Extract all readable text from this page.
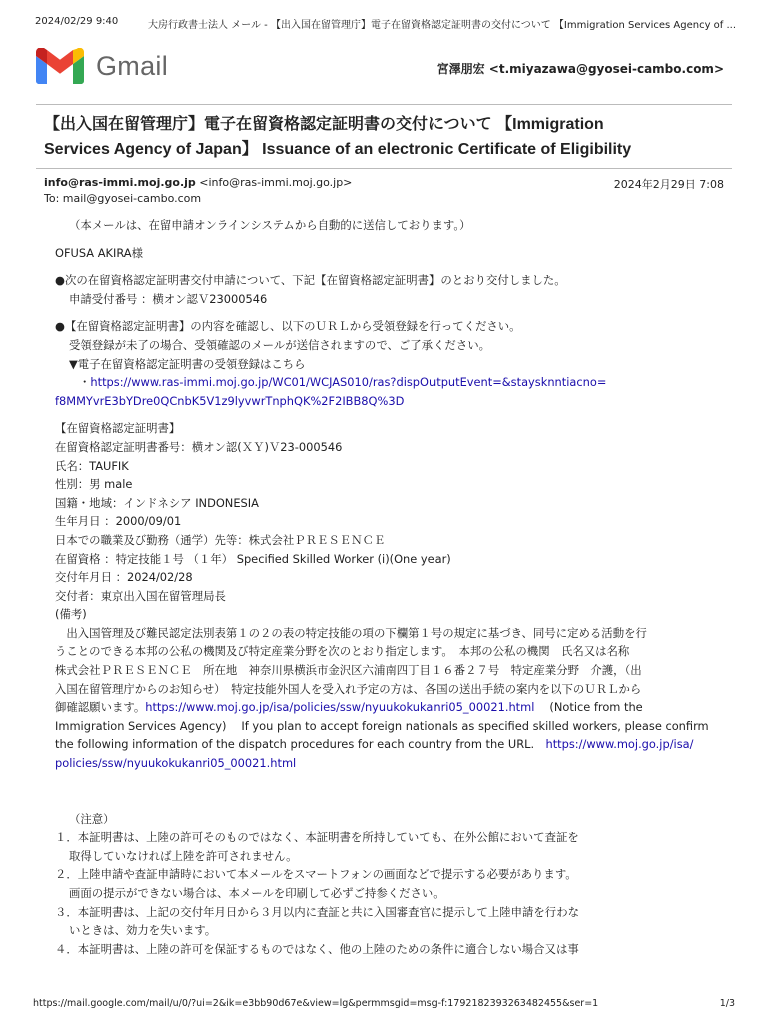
2024/02/29 9:40	大房行政書士法人 メール - 【出入国在留管理庁】電子在留資格認定証明書の交付について 【Immigration Services Agency of ...
Gmail	宮澤朋宏 <t.miyazawa@gyosei-cambo.com>
【出入国在留管理庁】電子在留資格認定証明書の交付について 【Immigration
Services Agency of Japan】 Issuance of an electronic Certificate of Eligibility
info@ras-immi.moj.go.jp <info@ras-immi.moj.go.jp>	2024年2月29日 7:08
To: mail@gyosei-cambo.com

（本メールは、在留申請オンラインシステムから自動的に送信しております。）

OFUSA AKIRA様

●次の在留資格認定証明書交付申請について、下記【在留資格認定証明書】のとおり交付しました。

申請受付番号 ：横オン認Ｖ23000546

●【在留資格認定証明書】の内容を確認し、以下のＵＲＬから受領登録を行ってください。

受領登録が未了の場合、受領確認のメールが送信されますので、ご了承ください。

▼電子在留資格認定証明書の受領登録はこちら

・https://www.ras-immi.moj.go.jp/WC01/WCJAS010/ras?dispOutputEvent=&staysknntiacno=

f8MMYvrE3bYDre0QCnbK5V1z9lyvwrTnphQK%2F2IBB8Q%3D

【在留資格認定証明書】

在留資格認定証明書番号：横オン認(ＸＹ)Ｖ23-000546

氏名：TAUFIK

性別：男 male

国籍・地域：インドネシア INDONESIA

生年月日 ：2000/09/01

日本での職業及び勤務（通学）先等：株式会社ＰＲＥＳＥＮＣＥ

在留資格 ：特定技能１号 （１年） Specified Skilled Worker (i)(One year)

交付年月日 ：2024/02/28

交付者：東京出入国在留管理局長

(備考)

　出入国管理及び難民認定法別表第１の２の表の特定技能の項の下欄第１号の規定に基づき、同号に定める活動を行

うことのできる本邦の公私の機関及び特定産業分野を次のとおり指定します。　本邦の公私の機関　氏名又は名称

株式会社ＰＲＥＳＥＮＣＥ　所在地　神奈川県横浜市金沢区六浦南四丁目１６番２７号　特定産業分野　介護，（出

入国在留管理庁からのお知らせ）　特定技能外国人を受入れ予定の方は、各国の送出手続の案内を以下のＵＲＬから

御確認願います。https://www.moj.go.jp/isa/policies/ssw/nyuukokukanri05_00021.html　 (Notice from the

Immigration Services Agency)　 If you plan to accept foreign nationals as specified skilled workers, please confirm

the following information of the dispatch procedures for each country from the URL.　https://www.moj.go.jp/isa/

policies/ssw/nyuukokukanri05_00021.html

（注意）

１．本証明書は、上陸の許可そのものではなく、本証明書を所持していても、在外公館において査証を

取得していなければ上陸を許可されません。

２．上陸申請や査証申請時において本メールをスマートフォンの画面などで提示する必要があります。

画面の提示ができない場合は、本メールを印刷して必ずご持参ください。

３．本証明書は、上記の交付年月日から３月以内に査証と共に入国審査官に提示して上陸申請を行わな

いときは、効力を失います。

４．本証明書は、上陸の許可を保証するものではなく、他の上陸のための条件に適合しない場合又は事

https://mail.google.com/mail/u/0/?ui=2&ik=e3bb90d67e&view=lg&permmsgid=msg-f:1792182393263482455&ser=1	1/3
